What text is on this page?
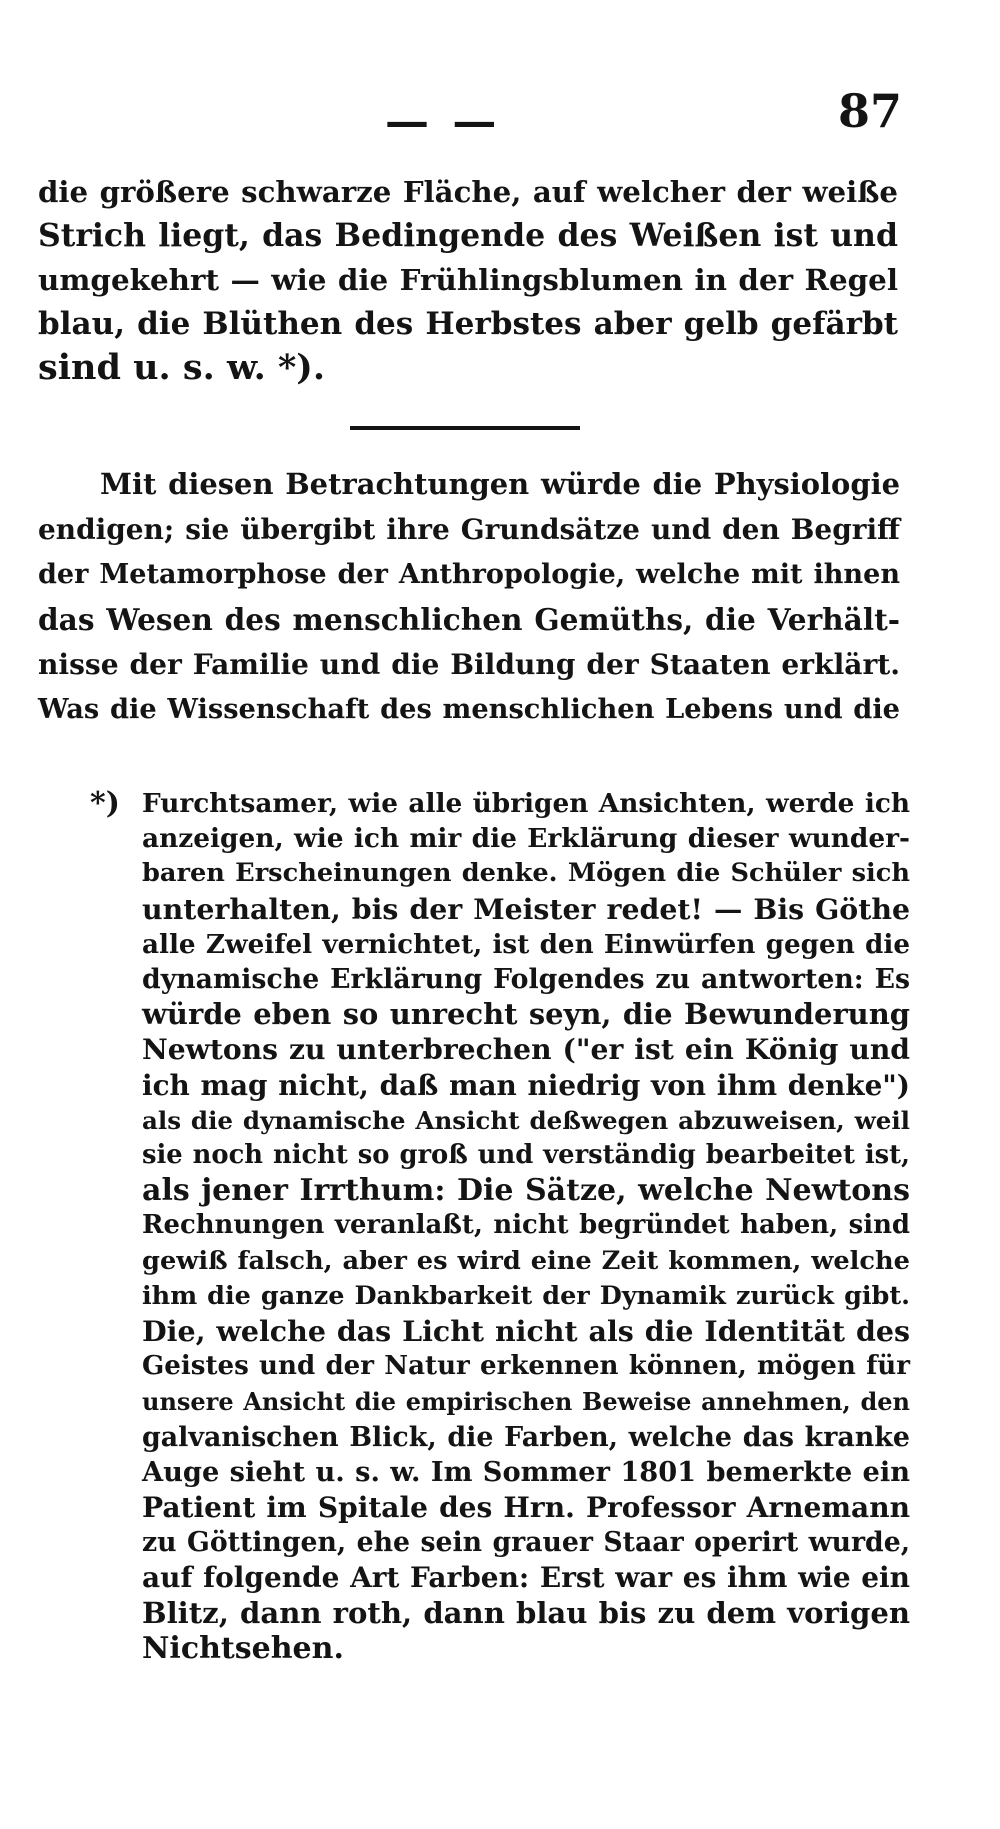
— —	87
die größere schwarze Fläche, auf welcher der weiße
Strich liegt, das Bedingende des Weißen ist und
umgekehrt — wie die Frühlingsblumen in der Regel
blau, die Blüthen des Herbstes aber gelb gefärbt
sind u. s. w. *).
Mit diesen Betrachtungen würde die Physiologie
endigen; sie übergibt ihre Grundsätze und den Begriff
der Metamorphose der Anthropologie, welche mit ihnen
das Wesen des menschlichen Gemüths, die Verhält-
nisse der Familie und die Bildung der Staaten erklärt.
Was die Wissenschaft des menschlichen Lebens und die
*) Furchtsamer, wie alle übrigen Ansichten, werde ich
anzeigen, wie ich mir die Erklärung dieser wunder-
baren Erscheinungen denke. Mögen die Schüler sich
unterhalten, bis der Meister redet! — Bis Göthe
alle Zweifel vernichtet, ist den Einwürfen gegen die
dynamische Erklärung Folgendes zu antworten: Es
würde eben so unrecht seyn, die Bewunderung
Newtons zu unterbrechen ("er ist ein König und
ich mag nicht, daß man niedrig von ihm denke")
als die dynamische Ansicht deßwegen abzuweisen, weil
sie noch nicht so groß und verständig bearbeitet ist,
als jener Irrthum: Die Sätze, welche Newtons
Rechnungen veranlaßt, nicht begründet haben, sind
gewiß falsch, aber es wird eine Zeit kommen, welche
ihm die ganze Dankbarkeit der Dynamik zurück gibt.
Die, welche das Licht nicht als die Identität des
Geistes und der Natur erkennen können, mögen für
unsere Ansicht die empirischen Beweise annehmen, den
galvanischen Blick, die Farben, welche das kranke
Auge sieht u. s. w. Im Sommer 1801 bemerkte ein
Patient im Spitale des Hrn. Professor Arnemann
zu Göttingen, ehe sein grauer Staar operirt wurde,
auf folgende Art Farben: Erst war es ihm wie ein
Blitz, dann roth, dann blau bis zu dem vorigen
Nichtsehen.
